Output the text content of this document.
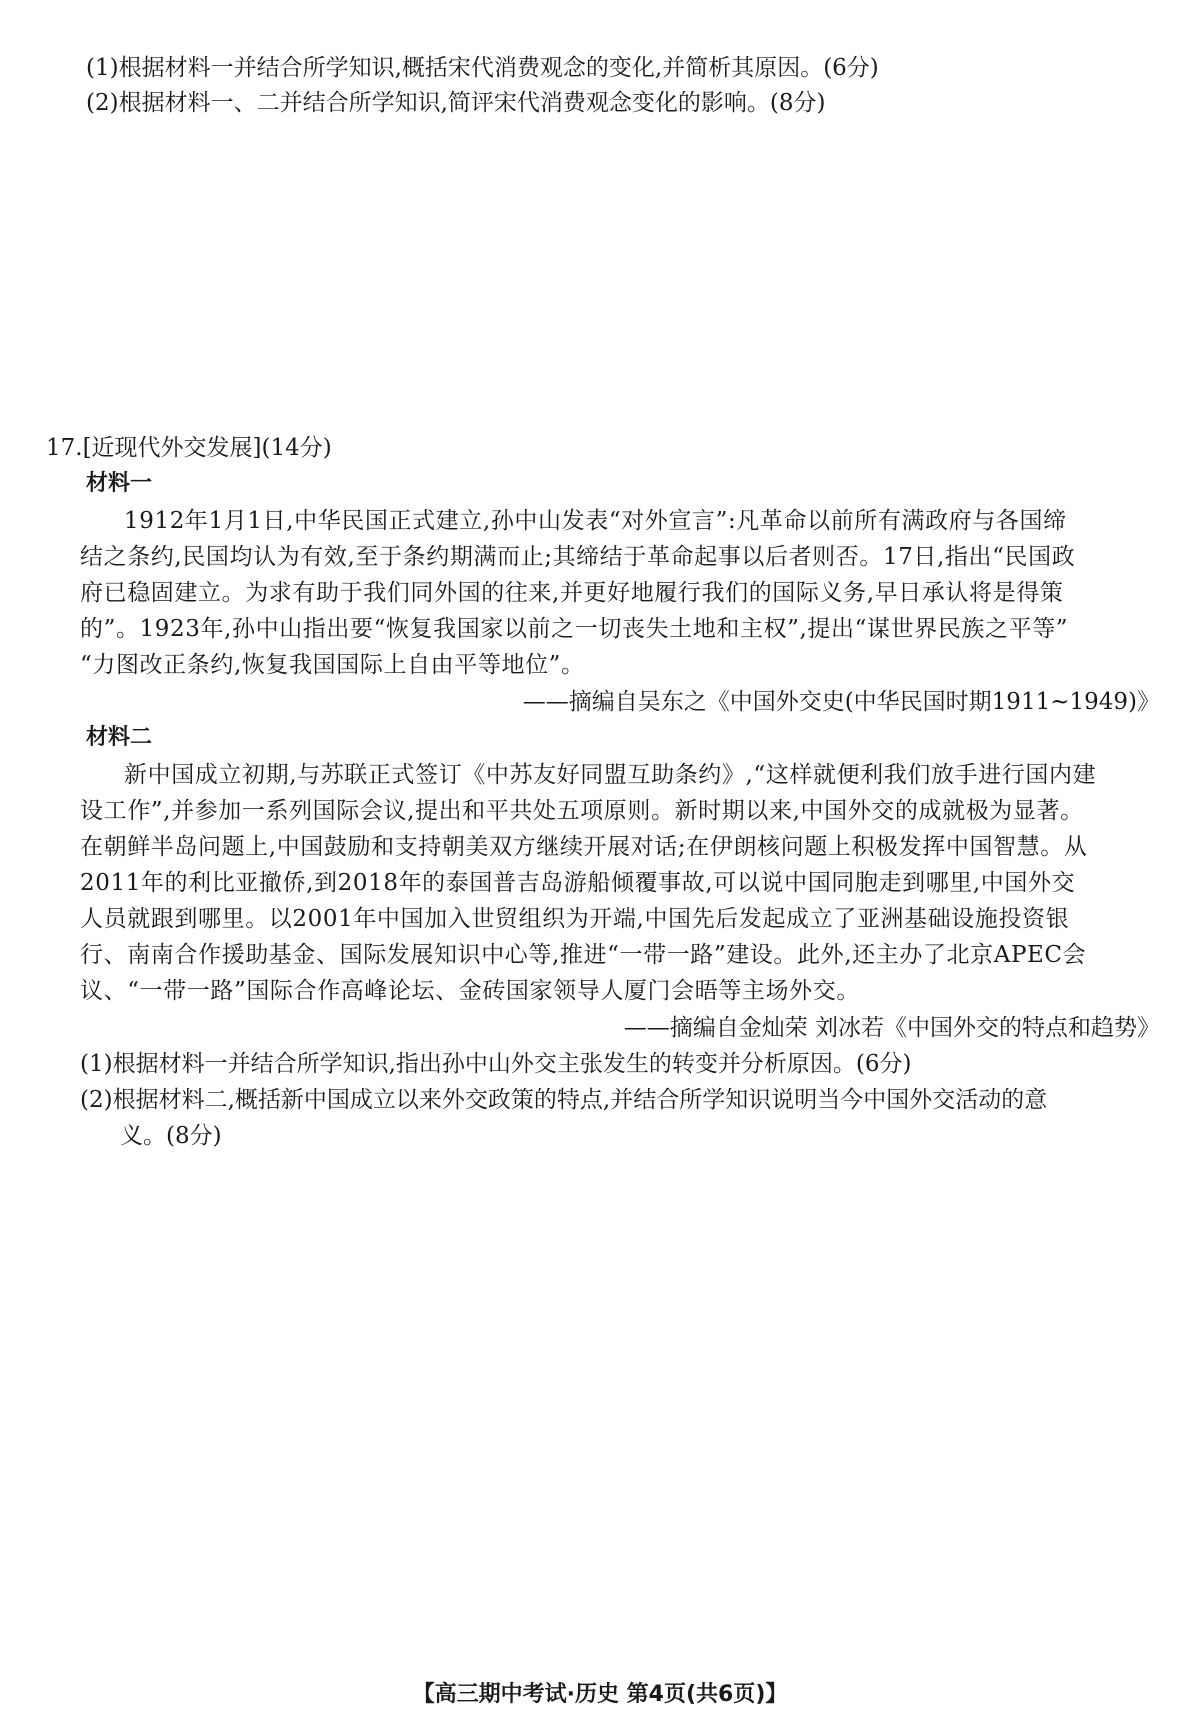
(1)根据材料一并结合所学知识,概括宋代消费观念的变化,并简析其原因。(6分)
(2)根据材料一、二并结合所学知识,简评宋代消费观念变化的影响。(8分)
17.[近现代外交发展](14分)
材料一
1912年1月1日,中华民国正式建立,孙中山发表“对外宣言”:凡革命以前所有满政府与各国缔
结之条约,民国均认为有效,至于条约期满而止;其缔结于革命起事以后者则否。17日,指出“民国政
府已稳固建立。为求有助于我们同外国的往来,并更好地履行我们的国际义务,早日承认将是得策
的”。1923年,孙中山指出要“恢复我国家以前之一切丧失土地和主权”,提出“谋世界民族之平等”
“力图改正条约,恢复我国国际上自由平等地位”。
——摘编自吴东之《中国外交史(中华民国时期1911~1949)》
材料二
新中国成立初期,与苏联正式签订《中苏友好同盟互助条约》,“这样就便利我们放手进行国内建
设工作”,并参加一系列国际会议,提出和平共处五项原则。新时期以来,中国外交的成就极为显著。
在朝鲜半岛问题上,中国鼓励和支持朝美双方继续开展对话;在伊朗核问题上积极发挥中国智慧。从
2011年的利比亚撤侨,到2018年的泰国普吉岛游船倾覆事故,可以说中国同胞走到哪里,中国外交
人员就跟到哪里。以2001年中国加入世贸组织为开端,中国先后发起成立了亚洲基础设施投资银
行、南南合作援助基金、国际发展知识中心等,推进“一带一路”建设。此外,还主办了北京APEC会
议、“一带一路”国际合作高峰论坛、金砖国家领导人厦门会晤等主场外交。
——摘编自金灿荣 刘冰若《中国外交的特点和趋势》
(1)根据材料一并结合所学知识,指出孙中山外交主张发生的转变并分析原因。(6分)
(2)根据材料二,概括新中国成立以来外交政策的特点,并结合所学知识说明当今中国外交活动的意
义。(8分)
【高三期中考试·历史 第4页(共6页)】
